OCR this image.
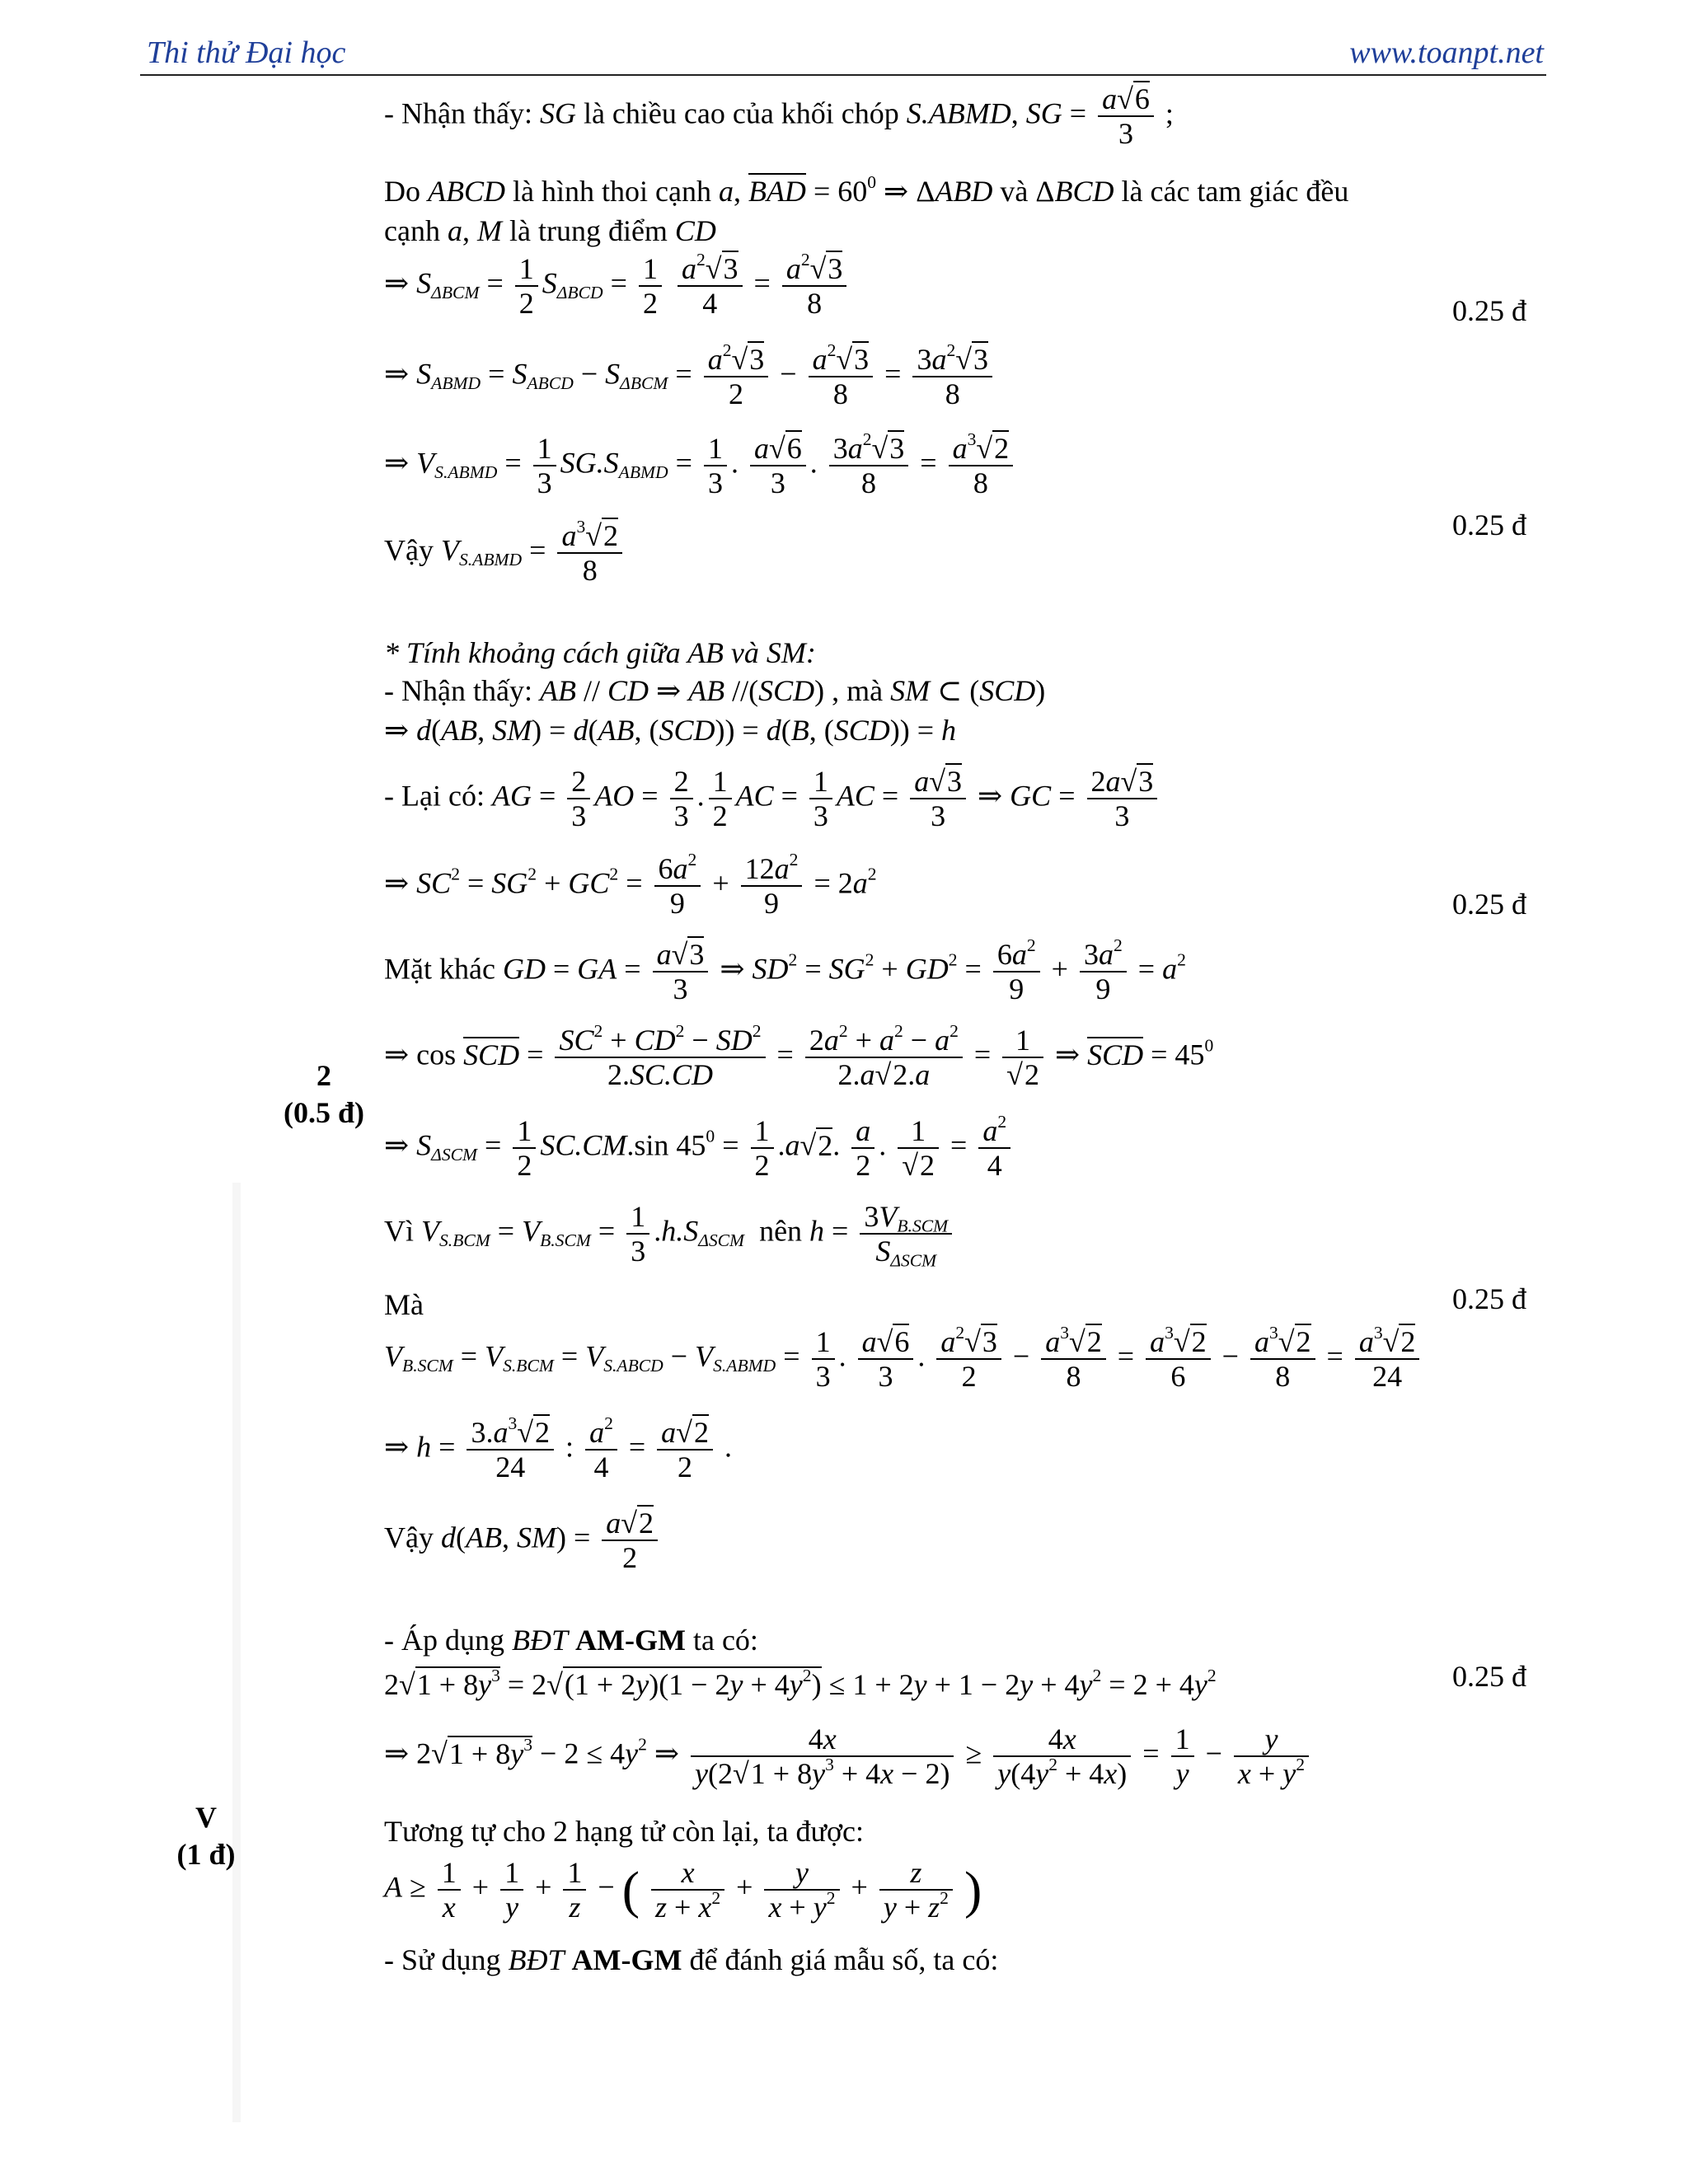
Thi thử Đại học	www.toanpt.net
2
(0.5 đ)
V
(1 đ)
0.25 đ
0.25 đ
0.25 đ
0.25 đ
0.25 đ
- Nhận thấy: SG là chiều cao của khối chóp S.ABMD, SG = $\frac{a√6}{3}$ ;
Do ABCD là hình thoi cạnh a, BAD = $60^0$ ⇒ ΔABD và ΔBCD là các tam giác đều
cạnh a, M là trung điểm CD
⇒ $S_{\Delta BCM} = \frac{1}{2} S_{\Delta BCD} = \frac{1}{2}$
$\frac{a^2√3}{4} = \frac{a^2√3}{8}$
⇒ $S_{ABMD} = S_{ABCD} - S_{\Delta BCM} = \frac{a^2√3}{2} - \frac{a^2√3}{8} = \frac{3a^2√3}{8}$
⇒ $V_{S.ABMD} = \frac{1}{3} SG.S_{ABMD} = \frac{1}{3}$ . $\frac{a√6}{3}$ . $\frac{3a^2√3}{8} = \frac{a^3√2}{8}$
Vậy $V_{S.ABMD} = \frac{a^3√2}{8}$
* Tính khoảng cách giữa AB và SM:
- Nhận thấy: AB // CD ⇒ AB //(SCD) , mà SM ⊂ (SCD)
⇒ d(AB, SM) = d(AB, (SCD)) = d(B, (SCD)) = h
- Lại có: AG = $\frac{2}{3}$ AO = $\frac{2}{3}$ . $\frac{1}{2}$ AC = $\frac{1}{3}$ AC = $\frac{a√3}{3}$ ⇒ GC = $\frac{2a√3}{3}$
⇒ $SC^2 = SG^2 + GC^2 = \frac{6a^2}{9} + \frac{12a^2}{9} = 2a^2$
Mặt khác GD = GA = $\frac{a√3}{3}$ ⇒ $SD^2 = SG^2 + GD^2 = \frac{6a^2}{9} + \frac{3a^2}{9} = a^2$
⇒ cos SCD = $\frac{SC^2 + CD^2 - SD^2}{2.SC.CD} = \frac{2a^2 + a^2 - a^2}{2.a√2.a} = \frac{1}{√2}$ ⇒ SCD = $45^0$
⇒ $S_{\Delta SCM} = \frac{1}{2} SC.CM.\sin$ $45^0 = \frac{1}{2} .a√2$. $\frac{a}{2}$ . $\frac{1}{√2} = \frac{a^2}{4}$
Vì $V_{S.BCM} = V_{B.SCM} = \frac{1}{3} .h.S_{\Delta SCM}$ nên $h = 3V_{B.SCM}$
$S_{\Delta SCM}$
Mà
$V_{B.SCM} = V_{S.BCM} = V_{S.ABCD} - V_{S.ABMD} = \frac{1}{3}$ . $\frac{a√6}{3}$ . $\frac{a^2√3}{2} - \frac{a^3√2}{8} = \frac{a^3√2}{6} - \frac{a^3√2}{8} = \frac{a^3√2}{24}$
⇒ $h = \frac{3.a^3√2}{24}$ : $\frac{a^2}{4} = \frac{a√2}{2}$ .
Vậy d(AB, $SM) = \frac{a√2}{2}$
- Áp dụng BĐT AM-GM ta có:
$2√1 + 8y^3 = 2√(1 + 2y)(1 - 2y + 4y^2) \le 1 + 2y + 1 - 2y + 4y^2 = 2 + 4y^2$
⇒ $2√1 + 8y^3 - 2 \le 4y^2$ ⇒ $\frac{4x}{y(2√1 + 8y^3 + 4x - 2)} \ge \frac{4x}{y(4y^2 + 4x)} = \frac{1}{y} - \frac{y}{x + y^2}$
Tương tự cho 2 hạng tử còn lại, ta được:
$A \ge \frac{1}{x} + \frac{1}{y} + \frac{1}{z}$ − ( $\frac{x}{z + x^2} + \frac{y}{x + y^2} + \frac{z}{y + z^2}$ )
- Sử dụng BĐT AM-GM để đánh giá mẫu số, ta có:
